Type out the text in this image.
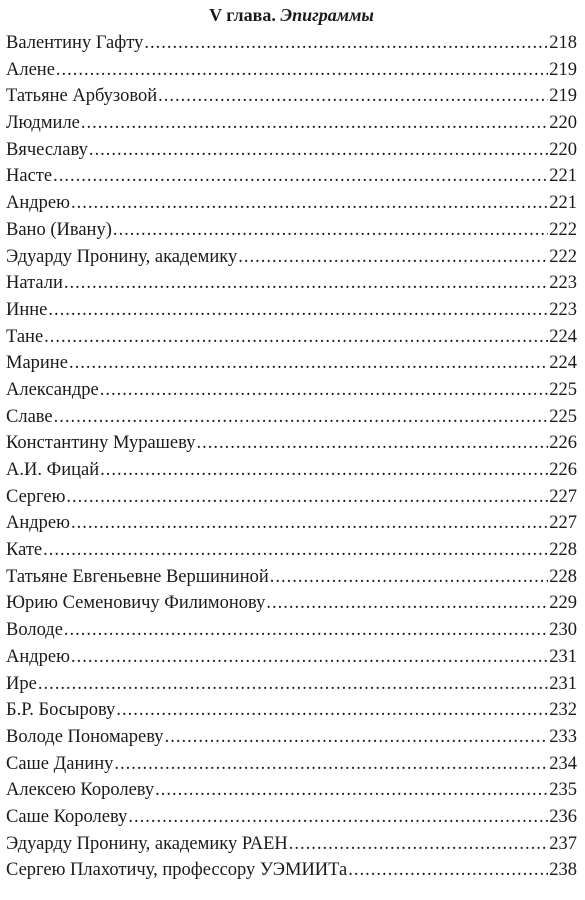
V глава. Эпиграммы
Валентину Гафту .....	218
Алене .....	219
Татьяне Арбузовой .....	219
Людмиле .....	220
Вячеславу .....	220
Насте .....	221
Андрею .....	221
Вано (Ивану) .....	222
Эдуарду Пронину, академику .....	222
Натали .....	223
Инне .....	223
Тане .....	224
Марине .....	224
Александре .....	225
Славе .....	225
Константину Мурашеву .....	226
А.И. Фицай .....	226
Сергею .....	227
Андрею .....	227
Кате .....	228
Татьяне Евгеньевне Вершининой .....	228
Юрию Семеновичу Филимонову .....	229
Володе .....	230
Андрею .....	231
Ире .....	231
Б.Р. Босырову .....	232
Володе Пономареву .....	233
Саше Данину .....	234
Алексею Королеву .....	235
Саше Королеву .....	236
Эдуарду Пронину, академику РАЕН .....	237
Сергею Плахотичу, профессору УЭМИИТа .....	238
